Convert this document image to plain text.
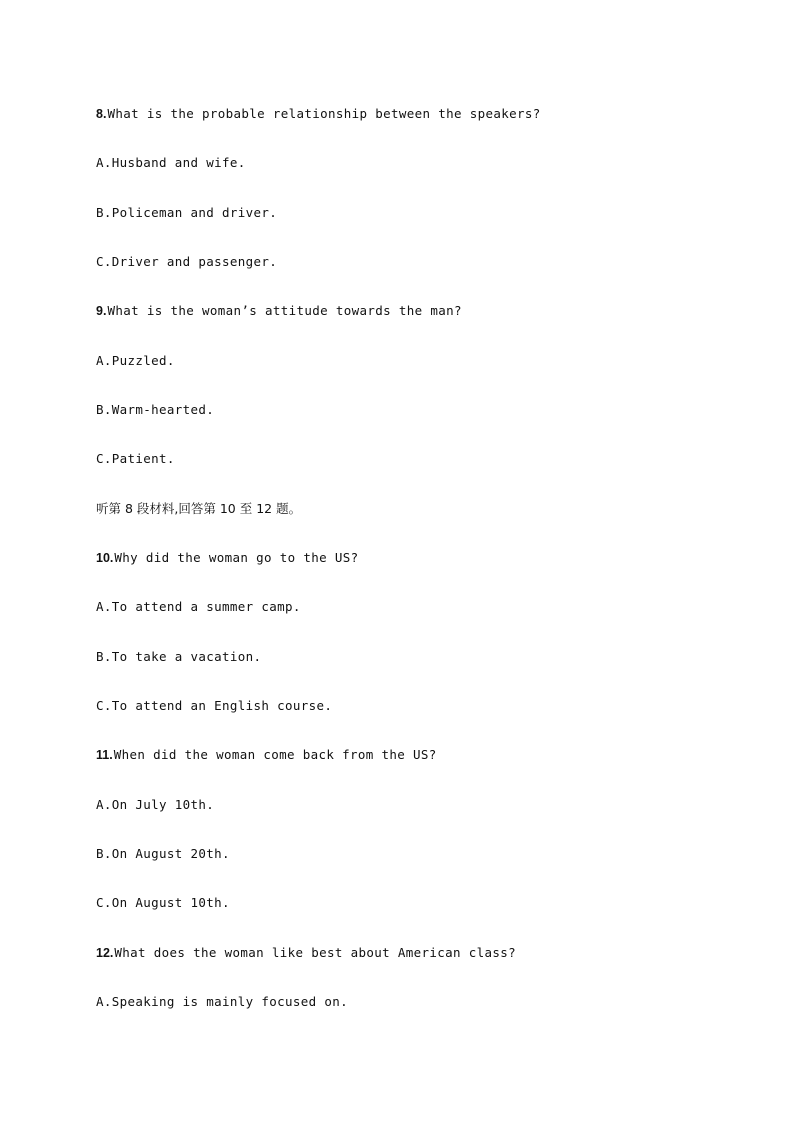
8.What is the probable relationship between the speakers?
A.Husband and wife.
B.Policeman and driver.
C.Driver and passenger.
9.What is the woman’s attitude towards the man?
A.Puzzled.
B.Warm-hearted.
C.Patient.
听第 8 段材料,回答第 10 至 12 题。
10.Why did the woman go to the US?
A.To attend a summer camp.
B.To take a vacation.
C.To attend an English course.
11.When did the woman come back from the US?
A.On July 10th.
B.On August 20th.
C.On August 10th.
12.What does the woman like best about American class?
A.Speaking is mainly focused on.
